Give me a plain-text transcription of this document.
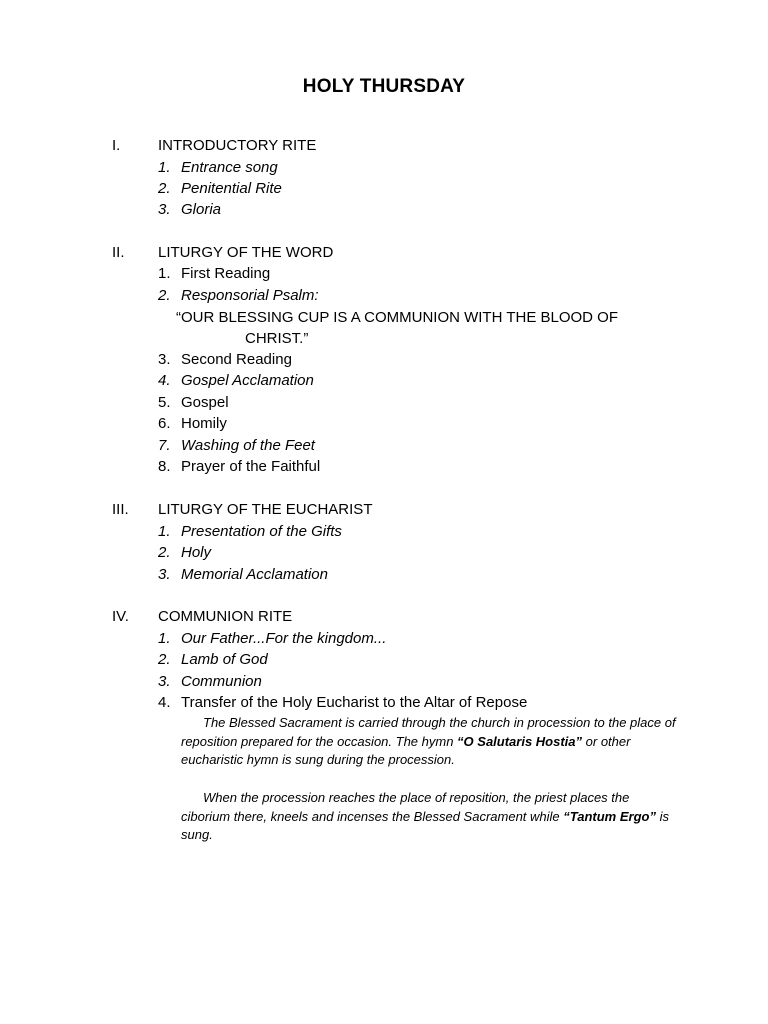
HOLY THURSDAY
I.	INTRODUCTORY RITE
1. Entrance song
2. Penitential Rite
3. Gloria
II. LITURGY OF THE WORD
1. First Reading
2. Responsorial Psalm:
“OUR BLESSING CUP IS A COMMUNION WITH THE BLOOD OF
CHRIST.”
3. Second Reading
4. Gospel Acclamation
5. Gospel
6. Homily
7. Washing of the Feet
8. Prayer of the Faithful
III. LITURGY OF THE EUCHARIST
1. Presentation of the Gifts
2. Holy
3. Memorial Acclamation
IV. COMMUNION RITE
1. Our Father...For the kingdom...
2. Lamb of God
3. Communion
4. Transfer of the Holy Eucharist to the Altar of Repose

The Blessed Sacrament is carried through the church in procession to the place of reposition prepared for the occasion. The hymn “O Salutaris Hostia” or other eucharistic hymn is sung during the procession.

When the procession reaches the place of reposition, the priest places the ciborium there, kneels and incenses the Blessed Sacrament while “Tantum Ergo” is sung.
